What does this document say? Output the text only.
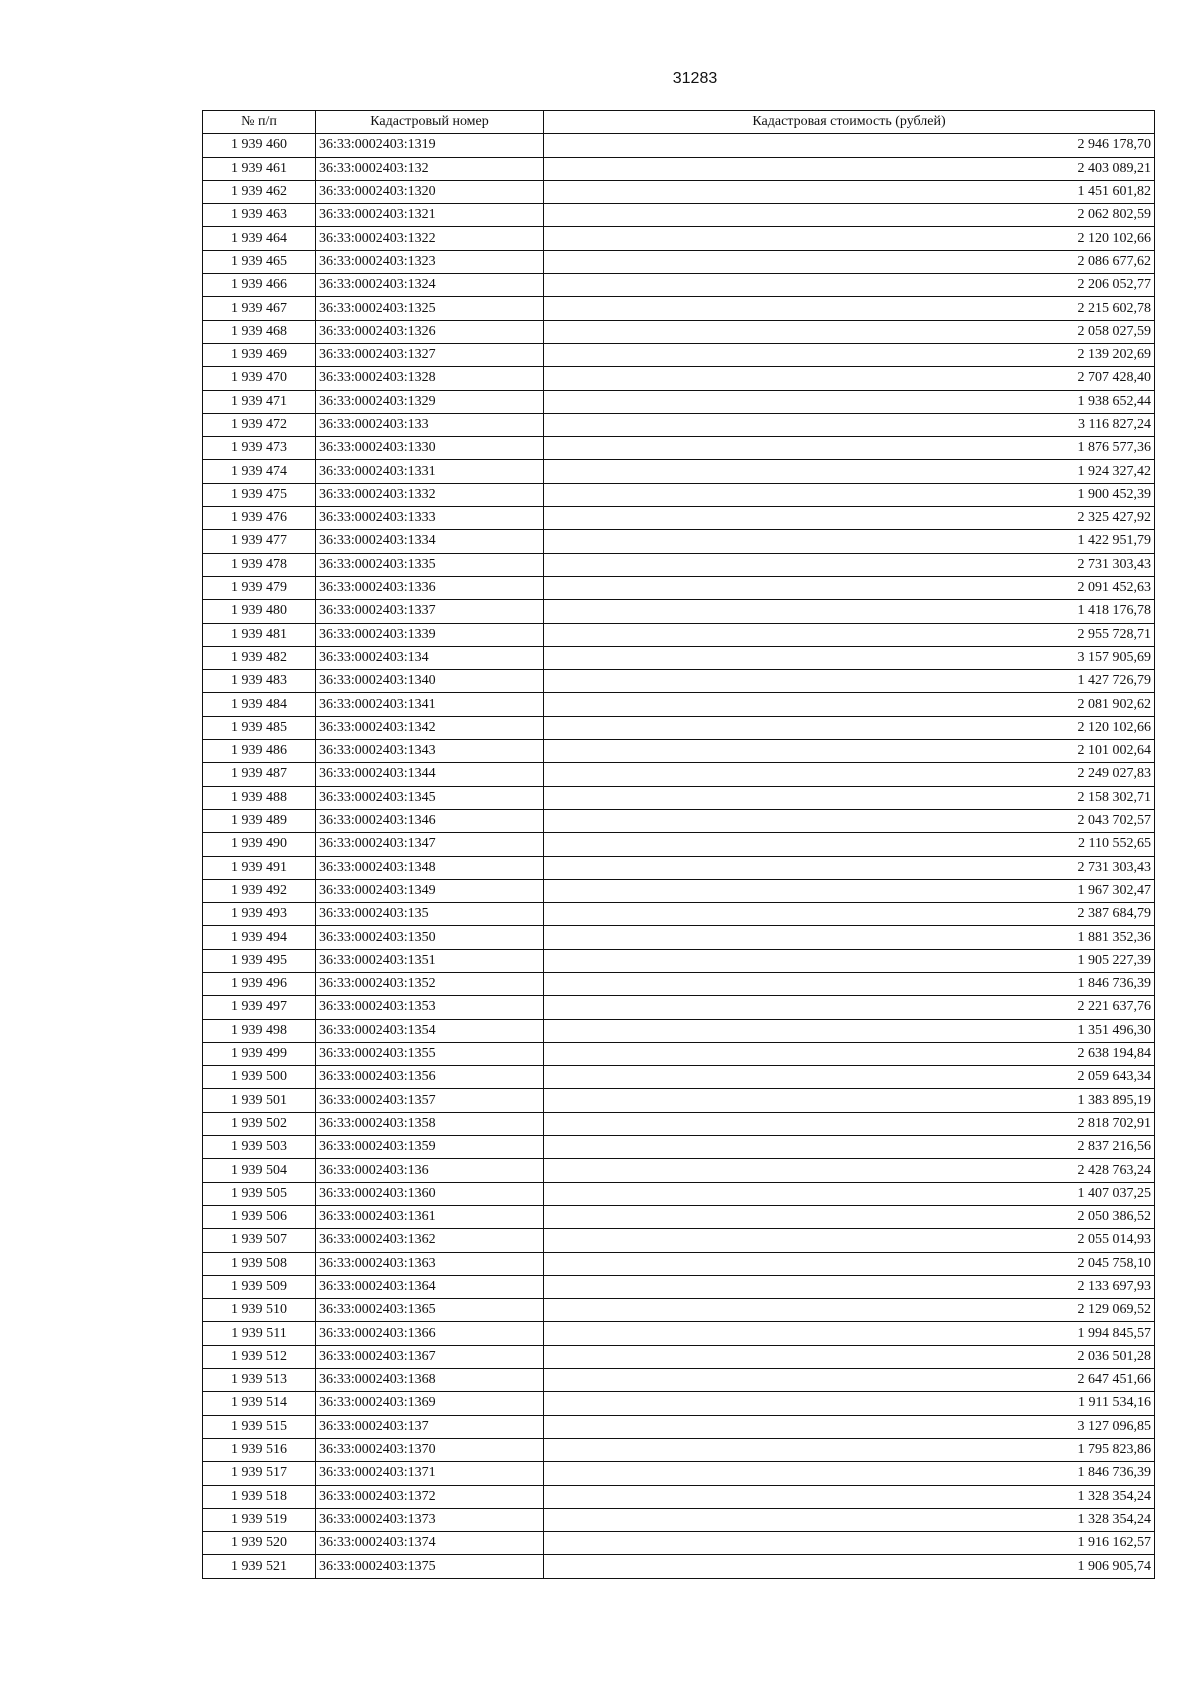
31283
№ п/п	Кадастровый номер	Кадастровая стоимость (рублей)
1 939 460	36:33:0002403:1319	2 946 178,70
1 939 461	36:33:0002403:132	2 403 089,21
1 939 462	36:33:0002403:1320	1 451 601,82
1 939 463	36:33:0002403:1321	2 062 802,59
1 939 464	36:33:0002403:1322	2 120 102,66
1 939 465	36:33:0002403:1323	2 086 677,62
1 939 466	36:33:0002403:1324	2 206 052,77
1 939 467	36:33:0002403:1325	2 215 602,78
1 939 468	36:33:0002403:1326	2 058 027,59
1 939 469	36:33:0002403:1327	2 139 202,69
1 939 470	36:33:0002403:1328	2 707 428,40
1 939 471	36:33:0002403:1329	1 938 652,44
1 939 472	36:33:0002403:133	3 116 827,24
1 939 473	36:33:0002403:1330	1 876 577,36
1 939 474	36:33:0002403:1331	1 924 327,42
1 939 475	36:33:0002403:1332	1 900 452,39
1 939 476	36:33:0002403:1333	2 325 427,92
1 939 477	36:33:0002403:1334	1 422 951,79
1 939 478	36:33:0002403:1335	2 731 303,43
1 939 479	36:33:0002403:1336	2 091 452,63
1 939 480	36:33:0002403:1337	1 418 176,78
1 939 481	36:33:0002403:1339	2 955 728,71
1 939 482	36:33:0002403:134	3 157 905,69
1 939 483	36:33:0002403:1340	1 427 726,79
1 939 484	36:33:0002403:1341	2 081 902,62
1 939 485	36:33:0002403:1342	2 120 102,66
1 939 486	36:33:0002403:1343	2 101 002,64
1 939 487	36:33:0002403:1344	2 249 027,83
1 939 488	36:33:0002403:1345	2 158 302,71
1 939 489	36:33:0002403:1346	2 043 702,57
1 939 490	36:33:0002403:1347	2 110 552,65
1 939 491	36:33:0002403:1348	2 731 303,43
1 939 492	36:33:0002403:1349	1 967 302,47
1 939 493	36:33:0002403:135	2 387 684,79
1 939 494	36:33:0002403:1350	1 881 352,36
1 939 495	36:33:0002403:1351	1 905 227,39
1 939 496	36:33:0002403:1352	1 846 736,39
1 939 497	36:33:0002403:1353	2 221 637,76
1 939 498	36:33:0002403:1354	1 351 496,30
1 939 499	36:33:0002403:1355	2 638 194,84
1 939 500	36:33:0002403:1356	2 059 643,34
1 939 501	36:33:0002403:1357	1 383 895,19
1 939 502	36:33:0002403:1358	2 818 702,91
1 939 503	36:33:0002403:1359	2 837 216,56
1 939 504	36:33:0002403:136	2 428 763,24
1 939 505	36:33:0002403:1360	1 407 037,25
1 939 506	36:33:0002403:1361	2 050 386,52
1 939 507	36:33:0002403:1362	2 055 014,93
1 939 508	36:33:0002403:1363	2 045 758,10
1 939 509	36:33:0002403:1364	2 133 697,93
1 939 510	36:33:0002403:1365	2 129 069,52
1 939 511	36:33:0002403:1366	1 994 845,57
1 939 512	36:33:0002403:1367	2 036 501,28
1 939 513	36:33:0002403:1368	2 647 451,66
1 939 514	36:33:0002403:1369	1 911 534,16
1 939 515	36:33:0002403:137	3 127 096,85
1 939 516	36:33:0002403:1370	1 795 823,86
1 939 517	36:33:0002403:1371	1 846 736,39
1 939 518	36:33:0002403:1372	1 328 354,24
1 939 519	36:33:0002403:1373	1 328 354,24
1 939 520	36:33:0002403:1374	1 916 162,57
1 939 521	36:33:0002403:1375	1 906 905,74
